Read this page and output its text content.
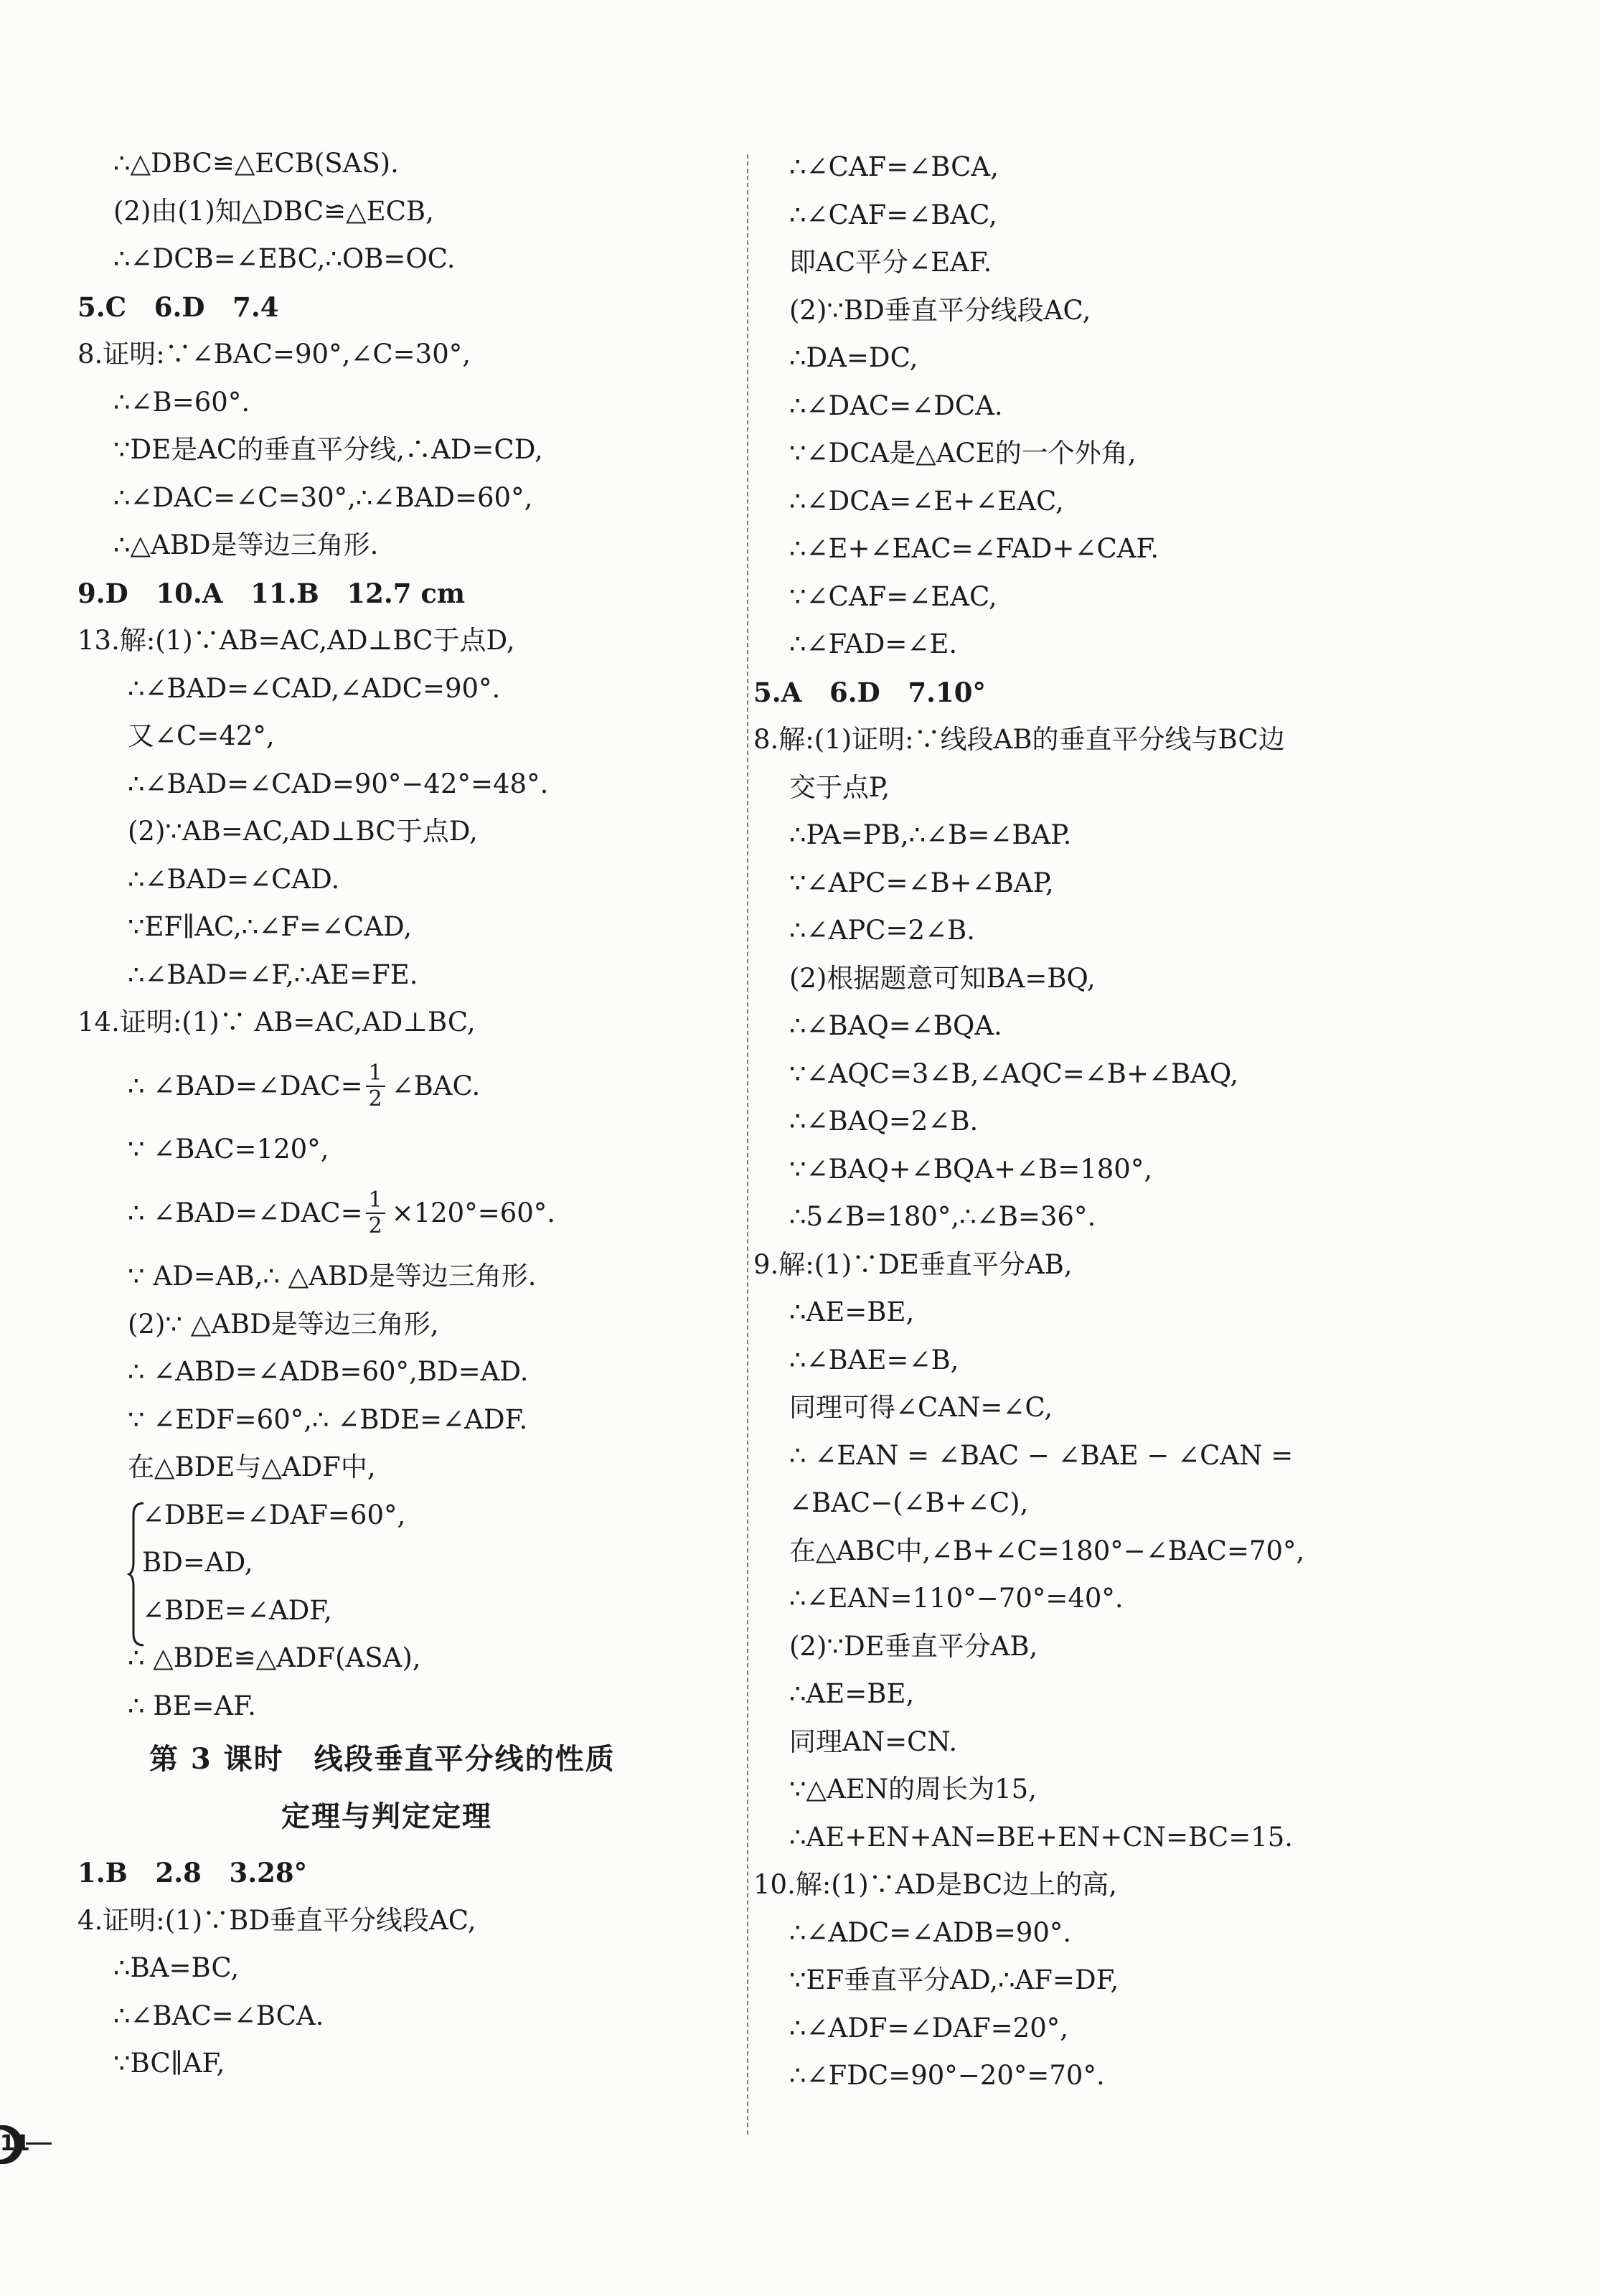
∴△DBC≌△ECB(SAS).
(2)由(1)知△DBC≌△ECB,
∴∠DCB=∠EBC,∴OB=OC.
5.C   6.D   7.4
8.证明:∵∠BAC=90°,∠C=30°,
∴∠B=60°.
∵DE是AC的垂直平分线,∴AD=CD,
∴∠DAC=∠C=30°,∴∠BAD=60°,
∴△ABD是等边三角形.
9.D   10.A   11.B   12.7 cm
13.解:(1)∵AB=AC,AD⊥BC于点D,
∴∠BAD=∠CAD,∠ADC=90°.
又∠C=42°,
∴∠BAD=∠CAD=90°−42°=48°.
(2)∵AB=AC,AD⊥BC于点D,
∴∠BAD=∠CAD.
∵EF∥AC,∴∠F=∠CAD,
∴∠BAD=∠F,∴AE=FE.
14.证明:(1)∵ AB=AC,AD⊥BC,
∴ ∠BAD=∠DAC= $\frac{1}{2}$ ∠BAC.
∵ ∠BAC=120°,
∴ ∠BAD=∠DAC= $\frac{1}{2} \times 120^\circ=60^\circ$.
∵ AD=AB,∴ △ABD是等边三角形.
(2)∵ △ABD是等边三角形,
∴ ∠ABD=∠ADB=60°,BD=AD.
∵ ∠EDF=60°,∴ ∠BDE=∠ADF.
在△BDE与△ADF中,
∠DBE=∠DAF=60°,
BD=AD,
∠BDE=∠ADF,
∴ △BDE≌△ADF(ASA),
∴ BE=AF.
第 3 课时　线段垂直平分线的性质
定理与判定定理
1.B   2.8   3.28°
4.证明:(1)∵BD垂直平分线段AC,
∴BA=BC,
∴∠BAC=∠BCA.
∵BC∥AF,
∴∠CAF=∠BCA,
∴∠CAF=∠BAC,
即AC平分∠EAF.
(2)∵BD垂直平分线段AC,
∴DA=DC,
∴∠DAC=∠DCA.
∵∠DCA是△ACE的一个外角,
∴∠DCA=∠E+∠EAC,
∴∠E+∠EAC=∠FAD+∠CAF.
∵∠CAF=∠EAC,
∴∠FAD=∠E.
5.A   6.D   7.10°
8.解:(1)证明:∵线段AB的垂直平分线与BC边
交于点P,
∴PA=PB,∴∠B=∠BAP.
∵∠APC=∠B+∠BAP,
∴∠APC=2∠B.
(2)根据题意可知BA=BQ,
∴∠BAQ=∠BQA.
∵∠AQC=3∠B,∠AQC=∠B+∠BAQ,
∴∠BAQ=2∠B.
∵∠BAQ+∠BQA+∠B=180°,
∴5∠B=180°,∴∠B=36°.
9.解:(1)∵DE垂直平分AB,
∴AE=BE,
∴∠BAE=∠B,
同理可得∠CAN=∠C,
∴ ∠EAN = ∠BAC − ∠BAE − ∠CAN =
∠BAC−(∠B+∠C),
在△ABC中,∠B+∠C=180°−∠BAC=70°,
∴∠EAN=110°−70°=40°.
(2)∵DE垂直平分AB,
∴AE=BE,
同理AN=CN.
∵△AEN的周长为15,
∴AE+EN+AN=BE+EN+CN=BC=15.
10.解:(1)∵AD是BC边上的高,
∴∠ADC=∠ADB=90°.
∵EF垂直平分AD,∴AF=DF,
∴∠ADF=∠DAF=20°,
∴∠FDC=90°−20°=70°.
11
